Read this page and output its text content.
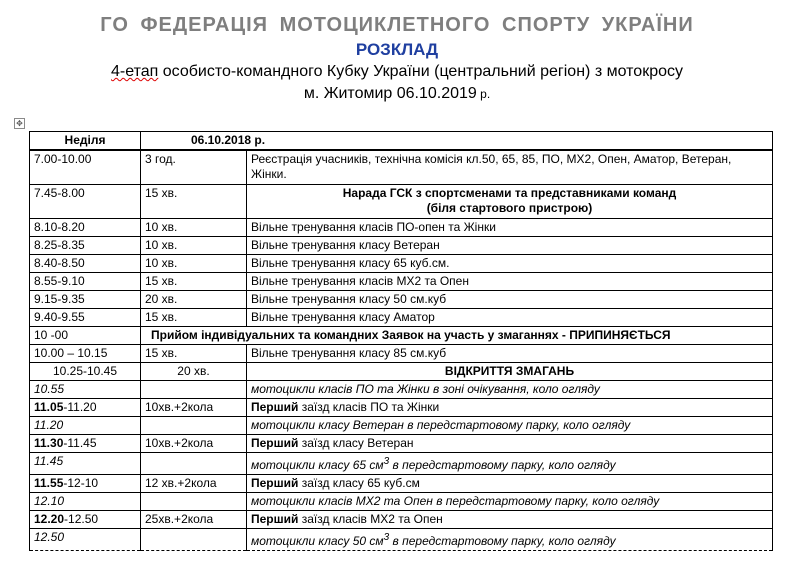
ГО ФЕДЕРАЦІЯ МОТОЦИКЛЕТНОГО СПОРТУ УКРАЇНИ
РОЗКЛАД
4-етап особисто-командного Кубку України (центральний регіон) з мотокросу
м. Житомир 06.10.2019 р.
✥
Неділя	06.10.2018 р.	
7.00-10.00	3 год.	Реєстрація учасників, технічна комісія кл.50, 65, 85, ПО, МХ2, Опен, Аматор, Ветеран, Жінки.
7.45-8.00	15 хв.	Нарада ГСК з спортсменами та представниками команд
(біля стартового пристрою)

8.10-8.20	10 хв.	Вільне тренування класів ПО-опен та Жінки
8.25-8.35	10 хв.	Вільне тренування класу Ветеран
8.40-8.50	10 хв.	Вільне тренування класу 65 куб.см.
8.55-9.10	15 хв.	Вільне тренування класів МХ2 та Опен
9.15-9.35	20 хв.	Вільне тренування класу 50 см.куб
9.40-9.55	15 хв.	Вільне тренування класу Аматор
10 -00	Прийом індивідуальних та командних Заявок на участь у змаганнях - ПРИПИНЯЄТЬСЯ	
10.00 – 10.15	15 хв.	Вільне тренування класу 85 см.куб
10.25-10.45	20 хв.	ВІДКРИТТЯ ЗМАГАНЬ
10.55		мотоцикли класів ПО та Жінки в зоні очікування, коло огляду
11.05-11.20	10хв.+2кола	Перший заїзд класів ПО та Жінки
11.20		мотоцикли класу Ветеран в передстартовому парку, коло огляду
11.30-11.45	10хв.+2кола	Перший заїзд класу Ветеран
11.45		мотоцикли класу 65 $см^3$ в передстартовому парку, коло огляду
11.55-12-10	12 хв.+2кола	Перший заїзд класу 65 куб.см
12.10		мотоцикли класів МХ2 та Опен в передстартовому парку, коло огляду
12.20-12.50	25хв.+2кола	Перший заїзд класів МХ2 та Опен
12.50		мотоцикли класу 50 $см^3$ в передстартовому парку, коло огляду
